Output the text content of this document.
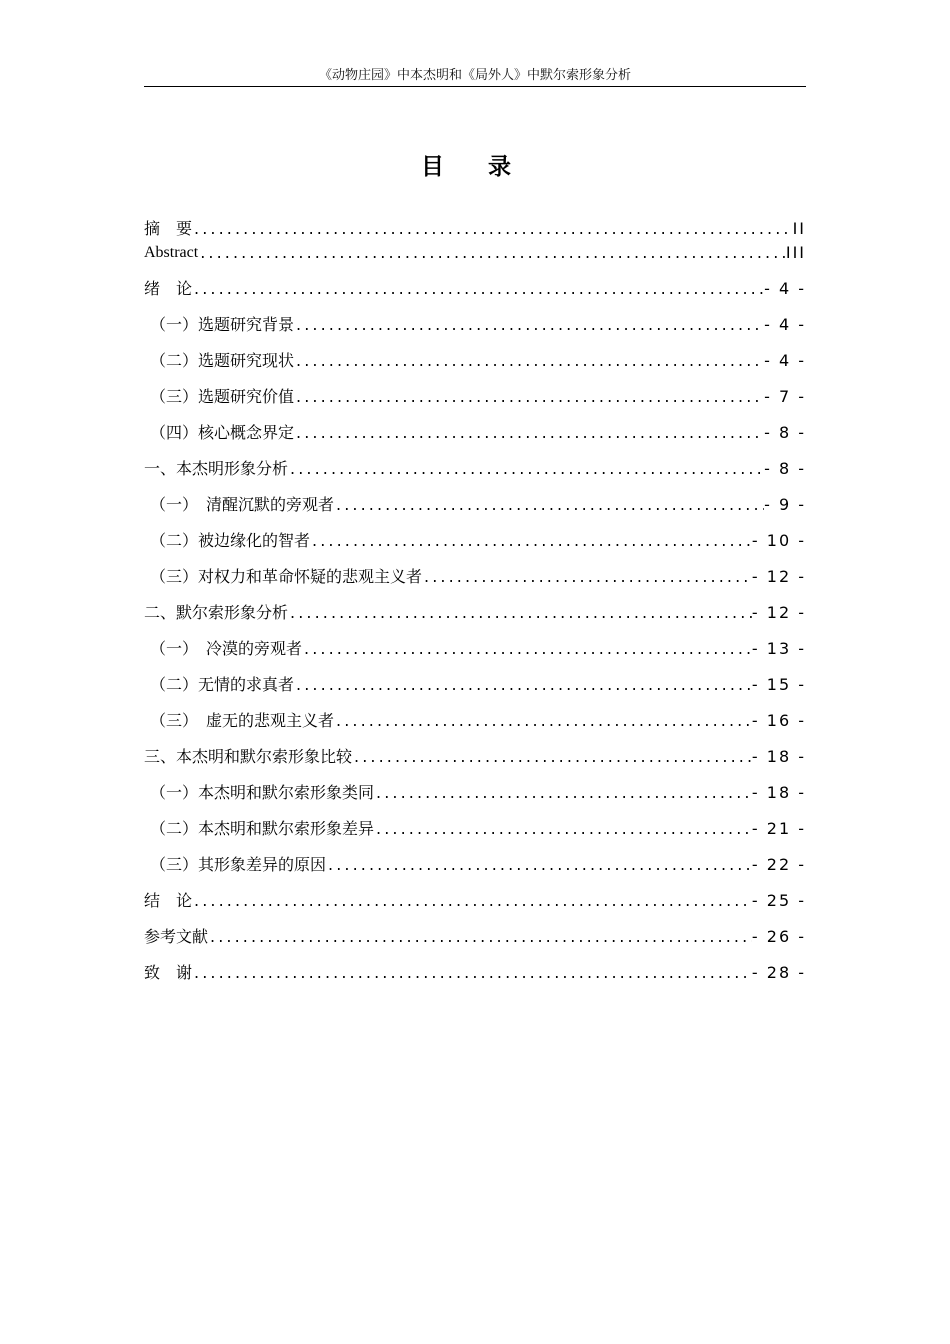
《动物庄园》中本杰明和《局外人》中默尔索形象分析
目 录
摘　要 .....	II
Abstract .....	III
绪　论 .....	- 4 -
（一）选题研究背景 .....	- 4 -
（二）选题研究现状 .....	- 4 -
（三）选题研究价值 .....	- 7 -
（四）核心概念界定 .....	- 8 -
一、本杰明形象分析 .....	- 8 -
（一）　清醒沉默的旁观者 .....	- 9 -
（二）被边缘化的智者 .....	- 10 -
（三）对权力和革命怀疑的悲观主义者 .....	- 12 -
二、默尔索形象分析 .....	- 12 -
（一）　冷漠的旁观者 .....	- 13 -
（二）无情的求真者 .....	- 15 -
（三）　虚无的悲观主义者 .....	- 16 -
三、本杰明和默尔索形象比较 .....	- 18 -
（一）本杰明和默尔索形象类同 .....	- 18 -
（二）本杰明和默尔索形象差异 .....	- 21 -
（三）其形象差异的原因 .....	- 22 -
结　论 .....	- 25 -
参考文献 .....	- 26 -
致　谢 .....	- 28 -
